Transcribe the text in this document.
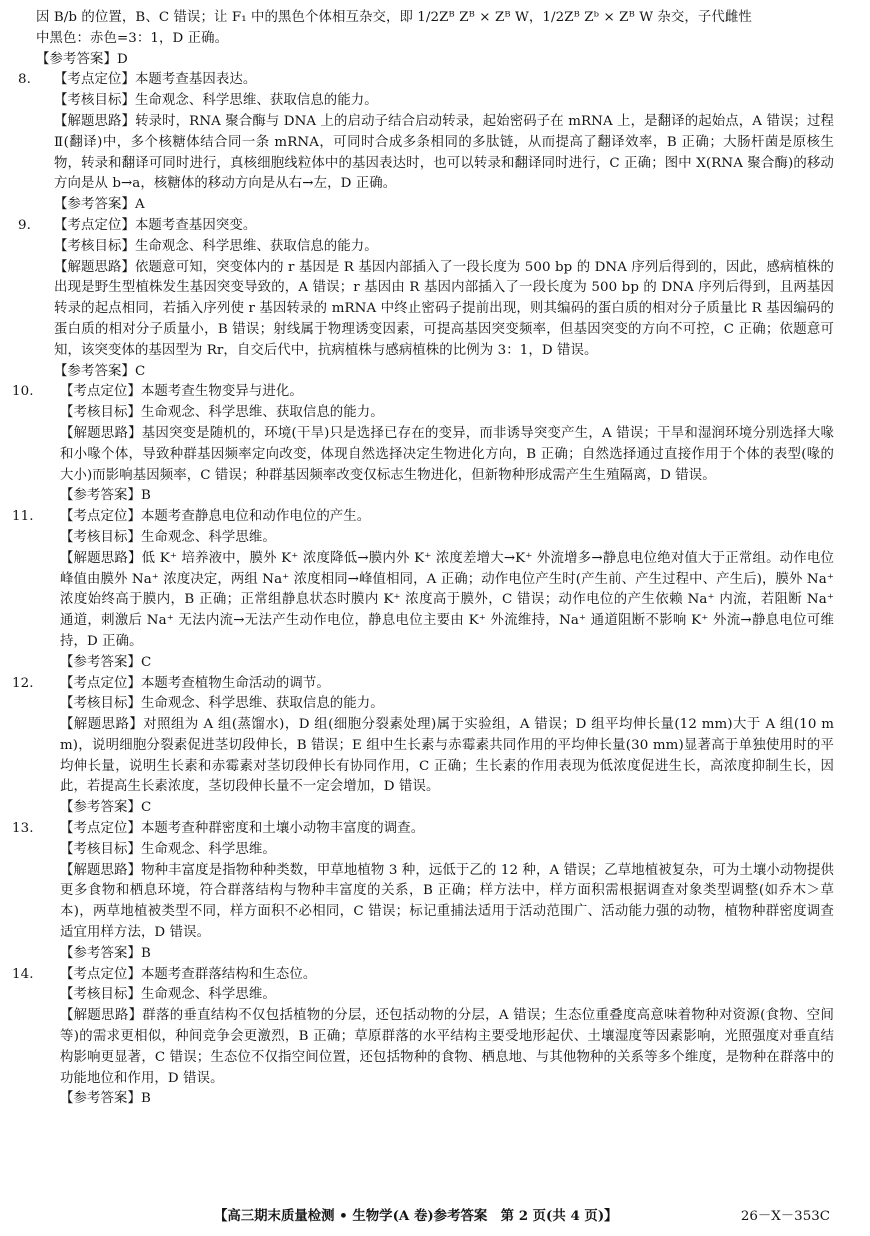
因 B/b 的位置，B、C 错误；让 F₁ 中的黑色个体相互杂交，即 1/2Zᴮ Zᴮ × Zᴮ W，1/2Zᴮ Zᵇ × Zᴮ W 杂交，子代雌性

中黑色：赤色=3：1，D 正确。

【参考答案】D

8. 【考点定位】本题考查基因表达。

【考核目标】生命观念、科学思维、获取信息的能力。

【解题思路】转录时，RNA 聚合酶与 DNA 上的启动子结合启动转录，起始密码子在 mRNA 上，是翻译的起始点，A 错误；过程Ⅱ(翻译)中，多个核糖体结合同一条 mRNA，可同时合成多条相同的多肽链，从而提高了翻译效率，B 正确；大肠杆菌是原核生物，转录和翻译可同时进行，真核细胞线粒体中的基因表达时，也可以转录和翻译同时进行，C 正确；图中 X(RNA 聚合酶)的移动方向是从 b→a，核糖体的移动方向是从右→左，D 正确。

【参考答案】A

9. 【考点定位】本题考查基因突变。

【考核目标】生命观念、科学思维、获取信息的能力。

【解题思路】依题意可知，突变体内的 r 基因是 R 基因内部插入了一段长度为 500 bp 的 DNA 序列后得到的，因此，感病植株的出现是野生型植株发生基因突变导致的，A 错误；r 基因由 R 基因内部插入了一段长度为 500 bp 的 DNA 序列后得到，且两基因转录的起点相同，若插入序列使 r 基因转录的 mRNA 中终止密码子提前出现，则其编码的蛋白质的相对分子质量比 R 基因编码的蛋白质的相对分子质量小，B 错误；射线属于物理诱变因素，可提高基因突变频率，但基因突变的方向不可控，C 正确；依题意可知，该突变体的基因型为 Rr，自交后代中，抗病植株与感病植株的比例为 3：1，D 错误。

【参考答案】C

10. 【考点定位】本题考查生物变异与进化。

【考核目标】生命观念、科学思维、获取信息的能力。

【解题思路】基因突变是随机的，环境(干旱)只是选择已存在的变异，而非诱导突变产生，A 错误；干旱和湿润环境分别选择大喙和小喙个体，导致种群基因频率定向改变，体现自然选择决定生物进化方向，B 正确；自然选择通过直接作用于个体的表型(喙的大小)而影响基因频率，C 错误；种群基因频率改变仅标志生物进化，但新物种形成需产生生殖隔离，D 错误。

【参考答案】B

11. 【考点定位】本题考查静息电位和动作电位的产生。

【考核目标】生命观念、科学思维。

【解题思路】低 K⁺ 培养液中，膜外 K⁺ 浓度降低→膜内外 K⁺ 浓度差增大→K⁺ 外流增多→静息电位绝对值大于正常组。动作电位峰值由膜外 Na⁺ 浓度决定，两组 Na⁺ 浓度相同→峰值相同，A 正确；动作电位产生时(产生前、产生过程中、产生后)，膜外 Na⁺ 浓度始终高于膜内，B 正确；正常组静息状态时膜内 K⁺ 浓度高于膜外，C 错误；动作电位的产生依赖 Na⁺ 内流，若阻断 Na⁺ 通道，刺激后 Na⁺ 无法内流→无法产生动作电位，静息电位主要由 K⁺ 外流维持，Na⁺ 通道阻断不影响 K⁺ 外流→静息电位可维持，D 正确。

【参考答案】C

12. 【考点定位】本题考查植物生命活动的调节。

【考核目标】生命观念、科学思维、获取信息的能力。

【解题思路】对照组为 A 组(蒸馏水)，D 组(细胞分裂素处理)属于实验组，A 错误；D 组平均伸长量(12 mm)大于 A 组(10 mm)，说明细胞分裂素促进茎切段伸长，B 错误；E 组中生长素与赤霉素共同作用的平均伸长量(30 mm)显著高于单独使用时的平均伸长量，说明生长素和赤霉素对茎切段伸长有协同作用，C 正确；生长素的作用表现为低浓度促进生长，高浓度抑制生长，因此，若提高生长素浓度，茎切段伸长量不一定会增加，D 错误。

【参考答案】C

13. 【考点定位】本题考查种群密度和土壤小动物丰富度的调查。

【考核目标】生命观念、科学思维。

【解题思路】物种丰富度是指物种种类数，甲草地植物 3 种，远低于乙的 12 种，A 错误；乙草地植被复杂，可为土壤小动物提供更多食物和栖息环境，符合群落结构与物种丰富度的关系，B 正确；样方法中，样方面积需根据调查对象类型调整(如乔木＞草本)，两草地植被类型不同，样方面积不必相同，C 错误；标记重捕法适用于活动范围广、活动能力强的动物，植物种群密度调查适宜用样方法，D 错误。

【参考答案】B

14. 【考点定位】本题考查群落结构和生态位。

【考核目标】生命观念、科学思维。

【解题思路】群落的垂直结构不仅包括植物的分层，还包括动物的分层，A 错误；生态位重叠度高意味着物种对资源(食物、空间等)的需求更相似，种间竞争会更激烈，B 正确；草原群落的水平结构主要受地形起伏、土壤湿度等因素影响，光照强度对垂直结构影响更显著，C 错误；生态位不仅指空间位置，还包括物种的食物、栖息地、与其他物种的关系等多个维度，是物种在群落中的功能地位和作用，D 错误。

【参考答案】B

【高三期末质量检测 • 生物学(A 卷)参考答案　第 2 页(共 4 页)】	26－X－353C
